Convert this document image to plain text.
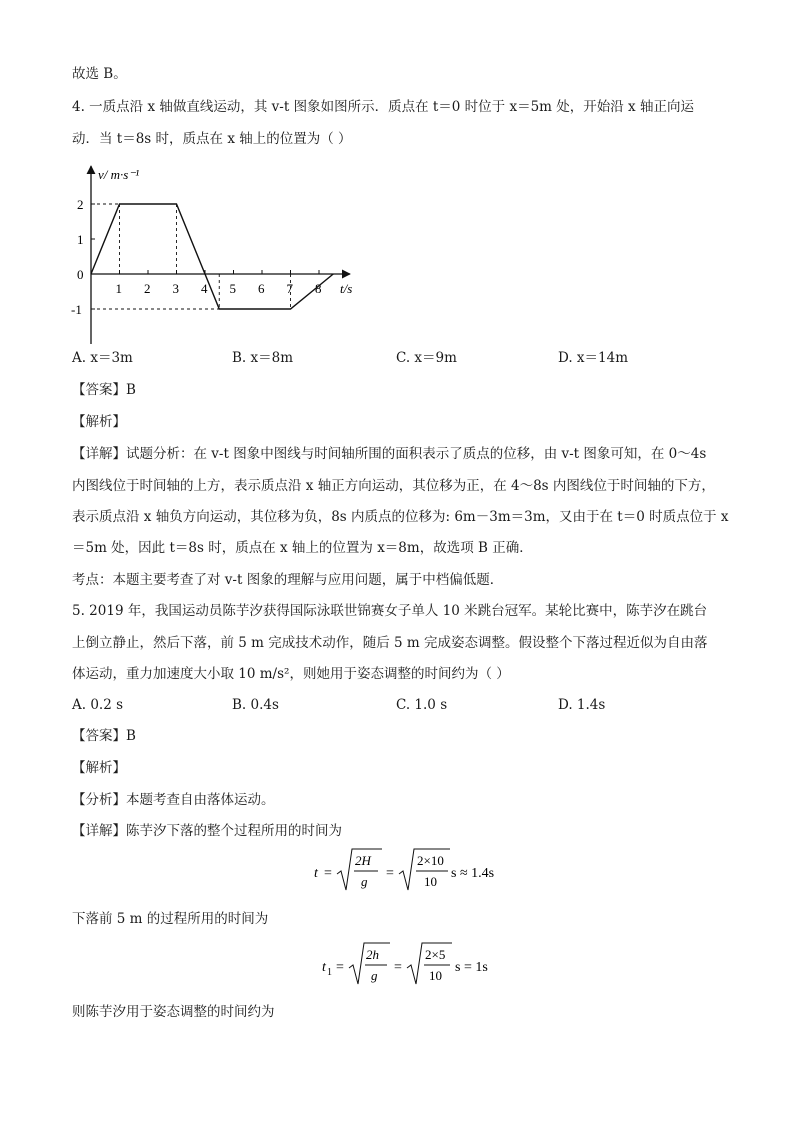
故选 B。
4. 一质点沿 x 轴做直线运动，其 v-t 图象如图所示．质点在 t＝0 时位于 x＝5m 处，开始沿 x 轴正向运
动．当 t＝8s 时，质点在 x 轴上的位置为（ ）
v/ m·s⁻¹
t/s
1 2 3 4 5 6 7 8
2
1
0
-1
A. x＝3m	B. x＝8m	C. x＝9m	D. x＝14m
【答案】B
【解析】
【详解】试题分析：在 v-t 图象中图线与时间轴所围的面积表示了质点的位移，由 v-t 图象可知，在 0～4s
内图线位于时间轴的上方，表示质点沿 x 轴正方向运动，其位移为正，在 4～8s 内图线位于时间轴的下方，
表示质点沿 x 轴负方向运动，其位移为负，8s 内质点的位移为: 6m－3m＝3m，又由于在 t＝0 时质点位于 x
＝5m 处，因此 t＝8s 时，质点在 x 轴上的位置为 x＝8m，故选项 B 正确．
考点：本题主要考查了对 v-t 图象的理解与应用问题，属于中档偏低题．
5. 2019 年，我国运动员陈芋汐获得国际泳联世锦赛女子单人 10 米跳台冠军。某轮比赛中，陈芋汐在跳台
上倒立静止，然后下落，前 5 m 完成技术动作，随后 5 m 完成姿态调整。假设整个下落过程近似为自由落
体运动，重力加速度大小取 10 m/s²，则她用于姿态调整的时间约为（ ）
A. 0.2 s	B. 0.4s	C. 1.0 s	D. 1.4s
【答案】B
【解析】
【分析】本题考查自由落体运动。
【详解】陈芋汐下落的整个过程所用的时间为
t =
2H
g
=
2×10
10
s ≈ 1.4s
下落前 5 m 的过程所用的时间为
t 1 =
2h
g
=
2×5
10
s = 1s
则陈芋汐用于姿态调整的时间约为
